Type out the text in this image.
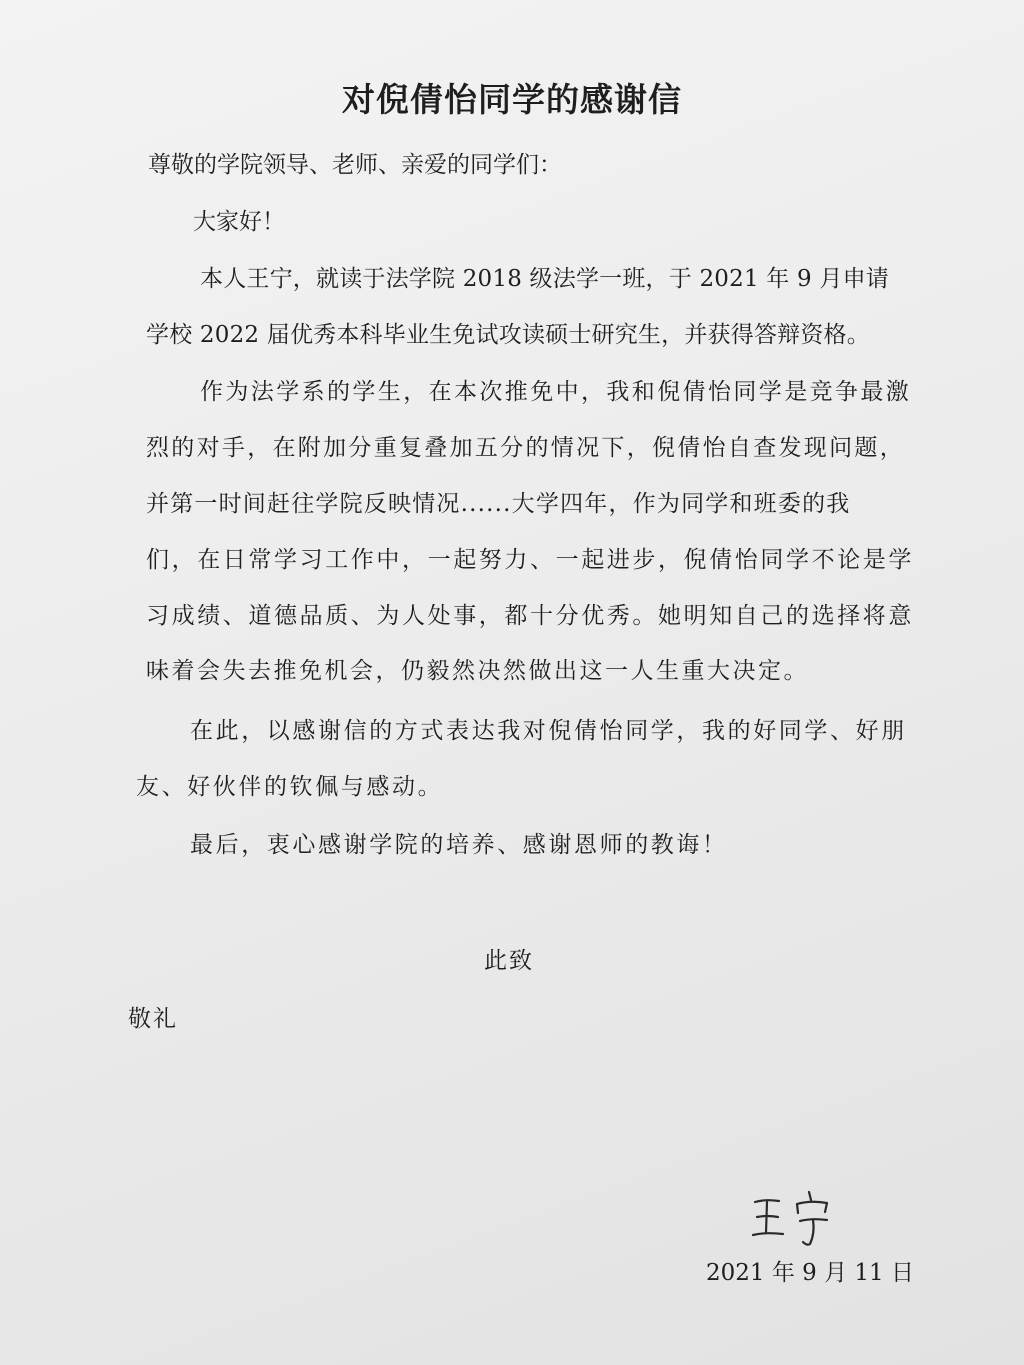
对倪倩怡同学的感谢信
尊敬的学院领导、老师、亲爱的同学们：
大家好！
本人王宁，就读于法学院 2018 级法学一班，于 2021 年 9 月申请
学校 2022 届优秀本科毕业生免试攻读硕士研究生，并获得答辩资格。
作为法学系的学生，在本次推免中，我和倪倩怡同学是竞争最激
烈的对手，在附加分重复叠加五分的情况下，倪倩怡自查发现问题，
并第一时间赶往学院反映情况......大学四年，作为同学和班委的我
们，在日常学习工作中，一起努力、一起进步，倪倩怡同学不论是学
习成绩、道德品质、为人处事，都十分优秀。她明知自己的选择将意
味着会失去推免机会，仍毅然决然做出这一人生重大决定。
在此，以感谢信的方式表达我对倪倩怡同学，我的好同学、好朋
友、好伙伴的钦佩与感动。
最后，衷心感谢学院的培养、感谢恩师的教诲！
此致
敬礼
2021 年 9 月 11 日
